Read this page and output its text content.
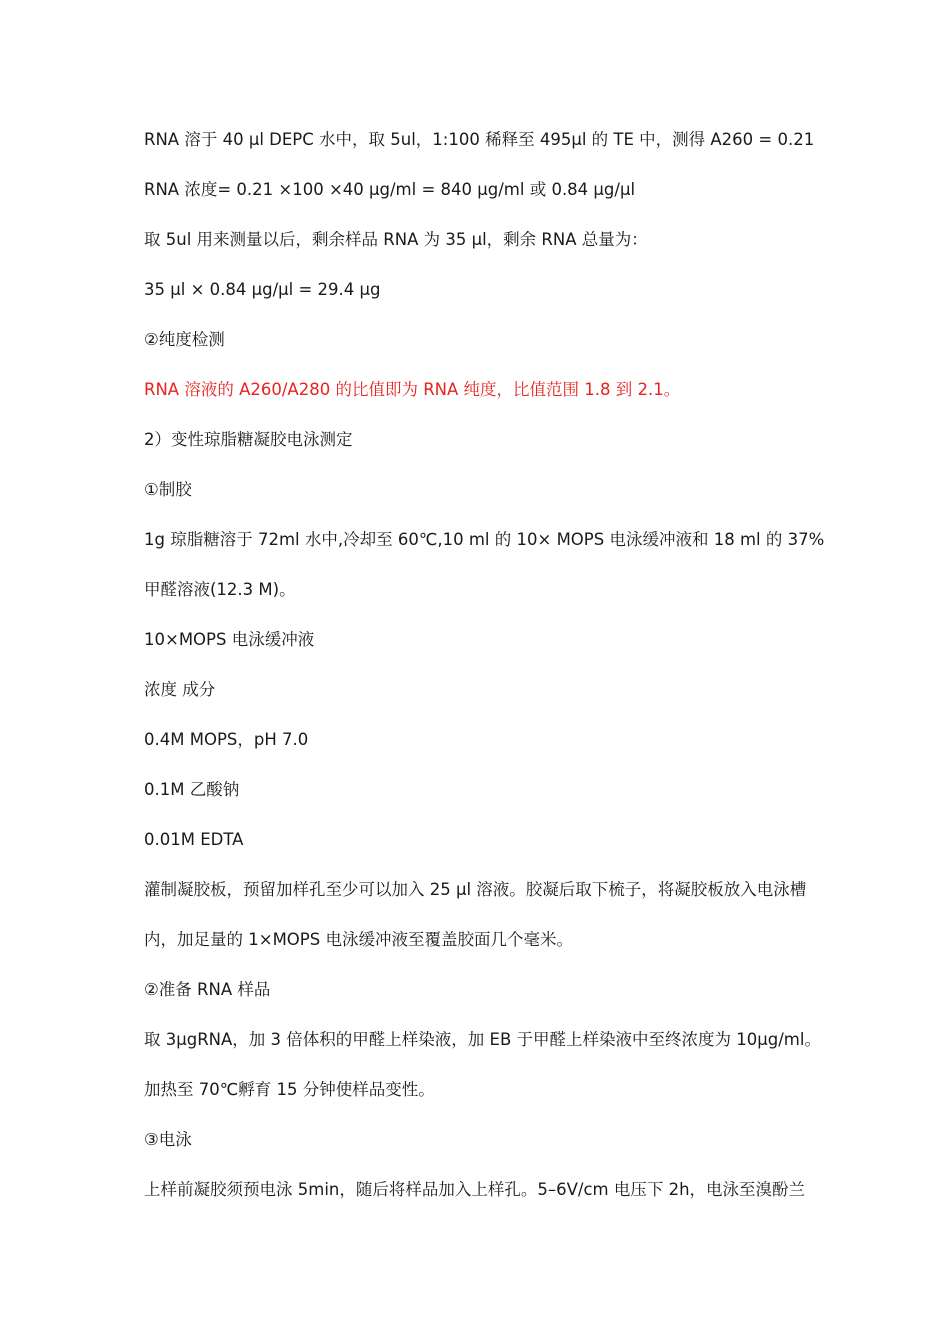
RNA 溶于 40 µl DEPC 水中，取 5ul，1:100 稀释至 495µl 的 TE 中，测得 A260 = 0.21

RNA 浓度= 0.21 ×100 ×40 µg/ml = 840 µg/ml 或 0.84 µg/µl

取 5ul 用来测量以后，剩余样品 RNA 为 35 µl，剩余 RNA 总量为：

35 µl × 0.84 µg/µl = 29.4 µg

②纯度检测

RNA 溶液的 A260/A280 的比值即为 RNA 纯度，比值范围 1.8 到 2.1。

2）变性琼脂糖凝胶电泳测定

①制胶

1g 琼脂糖溶于 72ml 水中,冷却至 60℃,10 ml 的 10× MOPS 电泳缓冲液和 18 ml 的 37%

甲醛溶液(12.3 M)。

10×MOPS 电泳缓冲液

浓度 成分

0.4M MOPS，pH 7.0

0.1M 乙酸钠

0.01M EDTA

灌制凝胶板，预留加样孔至少可以加入 25 µl 溶液。胶凝后取下梳子，将凝胶板放入电泳槽

内，加足量的 1×MOPS 电泳缓冲液至覆盖胶面几个毫米。

②准备 RNA 样品

取 3µgRNA，加 3 倍体积的甲醛上样染液，加 EB 于甲醛上样染液中至终浓度为 10µg/ml。

加热至 70℃孵育 15 分钟使样品变性。

③电泳

上样前凝胶须预电泳 5min，随后将样品加入上样孔。5–6V/cm 电压下 2h，电泳至溴酚兰
